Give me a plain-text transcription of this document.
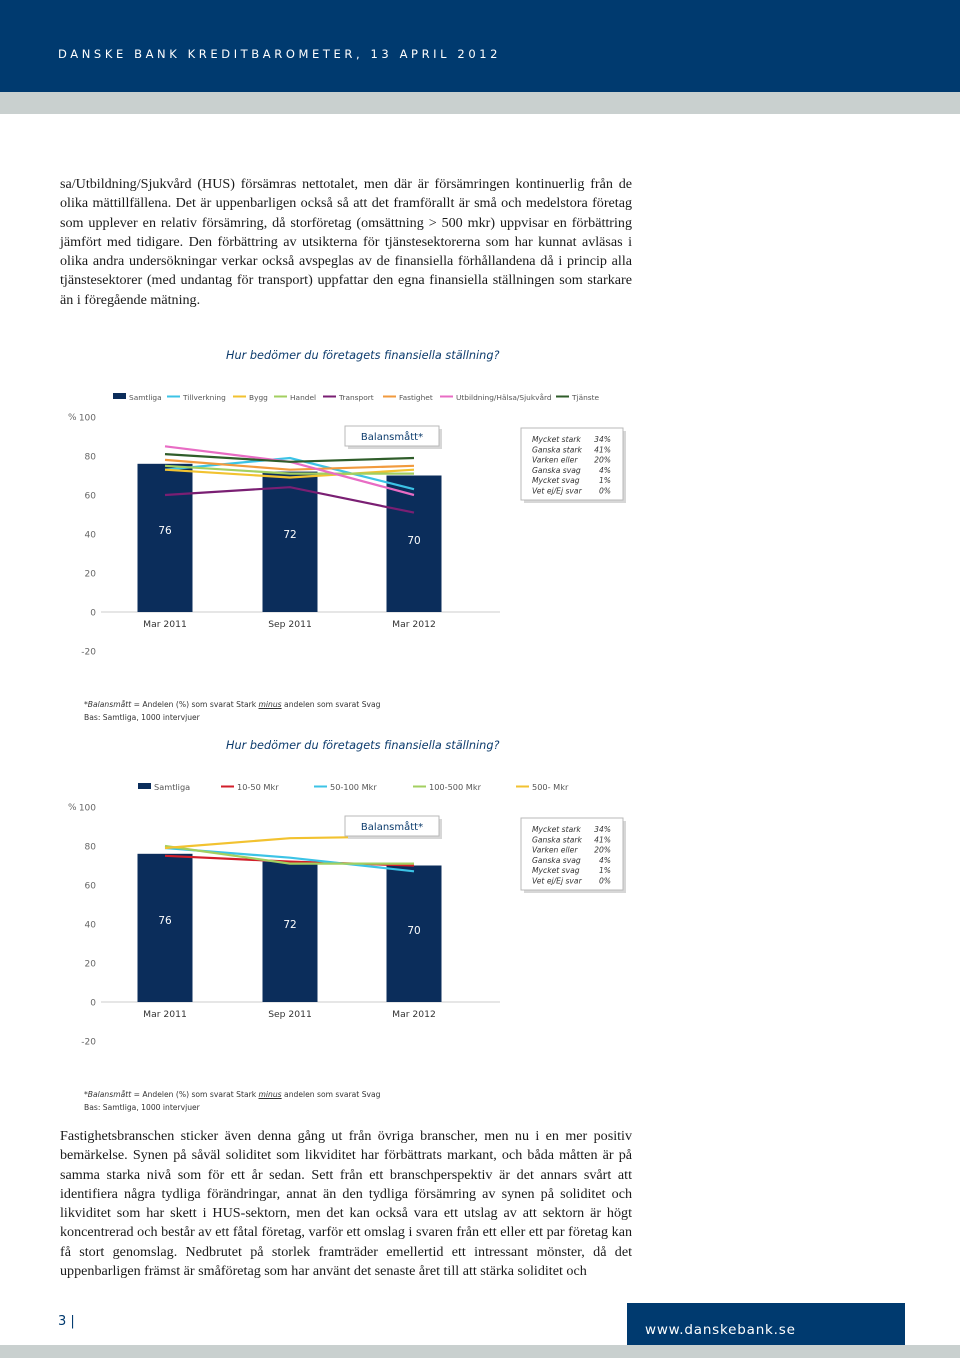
DANSKE BANK KREDITBAROMETER, 13 APRIL 2012

sa/Utbildning/Sjukvård (HUS) försämras nettotalet, men där är försämringen kontinuerlig från de olika mättillfällena. Det är uppenbarligen också så att det framförallt är små och medelstora företag som upplever en relativ försämring, då storföretag (omsättning > 500 mkr) uppvisar en förbättring jämfört med tidigare. Den förbättring av utsikterna för tjänstesektorerna som har kunnat avläsas i olika andra undersökningar verkar också avspeglas av de finansiella förhållandena då i princip alla tjänstesektorer (med undantag för transport) uppfattar den egna finansiella ställningen som starkare än i föregående mätning.

Hur bedömer du företagets finansiella ställning?
Samtliga	Tillverkning	Bygg	Handel	Transport	Fastighet	Utbildning/Hälsa/Sjukvård	Tjänste
% 100
80
60
40
20
0
-20
76	72	70
Mar 2011	Sep 2011	Mar 2012
Balansmått*	Mycket stark 34%
Ganska stark 41%
Varken eller 20%
Ganska svag 4%
Mycket svag	1%
Vet ej/Ej svar 0%
*Balansmått = Andelen (%) som svarat Stark minus andelen som svarat Svag
Bas: Samtliga, 1000 intervjuer
Hur bedömer du företagets finansiella ställning?
Samtliga	10-50 Mkr	50-100 Mkr	100-500 Mkr	500- Mkr
% 100
80
60
40
20
0
-20
76	72	70
Mar 2011	Sep 2011	Mar 2012
Balansmått*	Mycket stark 34%
Ganska stark 41%
Varken eller 20%
Ganska svag 4%
Mycket svag	1%
Vet ej/Ej svar 0%
*Balansmått = Andelen (%) som svarat Stark minus andelen som svarat Svag
Bas: Samtliga, 1000 intervjuer

Fastighetsbranschen sticker även denna gång ut från övriga branscher, men nu i en mer positiv bemärkelse. Synen på såväl soliditet som likviditet har förbättrats markant, och båda måtten är på samma starka nivå som för ett år sedan. Sett från ett branschperspektiv är det annars svårt att identifiera några tydliga förändringar, annat än den tydliga försämring av synen på soliditet och likviditet som har skett i HUS-sektorn, men det kan också vara ett utslag av att sektorn är högt koncentrerad och består av ett fåtal företag, varför ett omslag i svaren från ett eller ett par företag kan få stort genomslag. Nedbrutet på storlek framträder emellertid ett intressant mönster, då det uppenbarligen främst är småföretag som har använt det senaste året till att stärka soliditet och

3 |
www.danskebank.se
